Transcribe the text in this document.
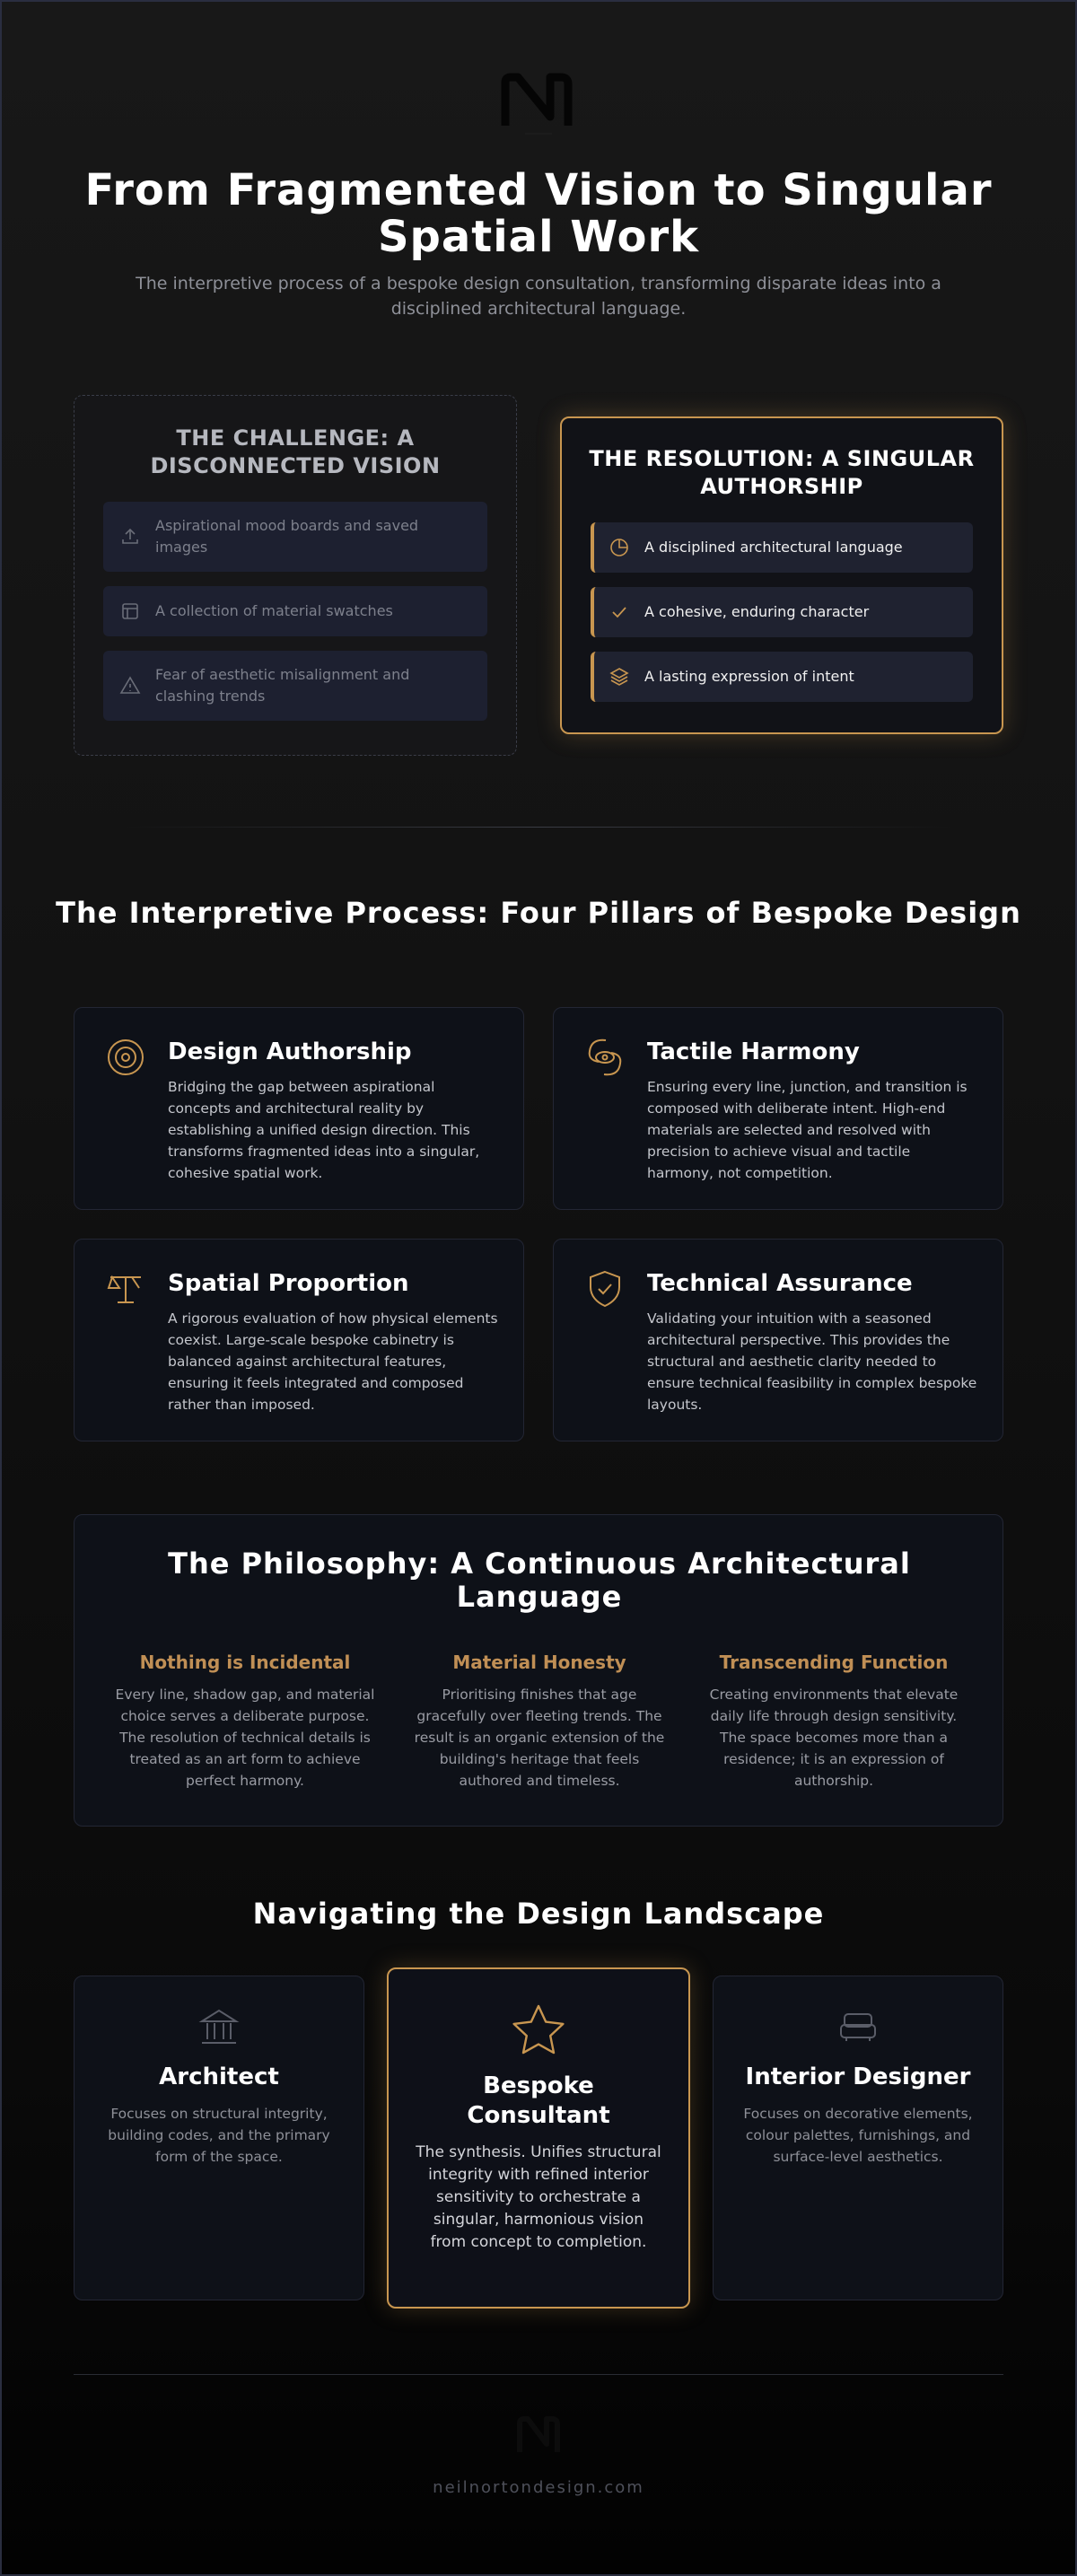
From Fragmented Vision to Singular Spatial Work

The interpretive process of a bespoke design consultation, transforming disparate ideas into a disciplined architectural language.

THE CHALLENGE: A DISCONNECTED VISION
Aspirational mood boards and saved images
A collection of material swatches
Fear of aesthetic misalignment and clashing trends
THE RESOLUTION: A SINGULAR AUTHORSHIP
A disciplined architectural language
A cohesive, enduring character
A lasting expression of intent
The Interpretive Process: Four Pillars of Bespoke Design
Design Authorship

Bridging the gap between aspirational concepts and architectural reality by establishing a unified design direction. This transforms fragmented ideas into a singular, cohesive spatial work.

Tactile Harmony

Ensuring every line, junction, and transition is composed with deliberate intent. High-end materials are selected and resolved with precision to achieve visual and tactile harmony, not competition.

Spatial Proportion

A rigorous evaluation of how physical elements coexist. Large-scale bespoke cabinetry is balanced against architectural features, ensuring it feels integrated and composed rather than imposed.

Technical Assurance

Validating your intuition with a seasoned architectural perspective. This provides the structural and aesthetic clarity needed to ensure technical feasibility in complex bespoke layouts.

The Philosophy: A Continuous Architectural Language
Nothing is Incidental

Every line, shadow gap, and material choice serves a deliberate purpose. The resolution of technical details is treated as an art form to achieve perfect harmony.

Material Honesty

Prioritising finishes that age gracefully over fleeting trends. The result is an organic extension of the building's heritage that feels authored and timeless.

Transcending Function

Creating environments that elevate daily life through design sensitivity. The space becomes more than a residence; it is an expression of authorship.

Navigating the Design Landscape
Architect

Focuses on structural integrity, building codes, and the primary form of the space.

Bespoke Consultant

The synthesis. Unifies structural integrity with refined interior sensitivity to orchestrate a singular, harmonious vision from concept to completion.

Interior Designer

Focuses on decorative elements, colour palettes, furnishings, and surface-level aesthetics.

neilnortondesign.com
